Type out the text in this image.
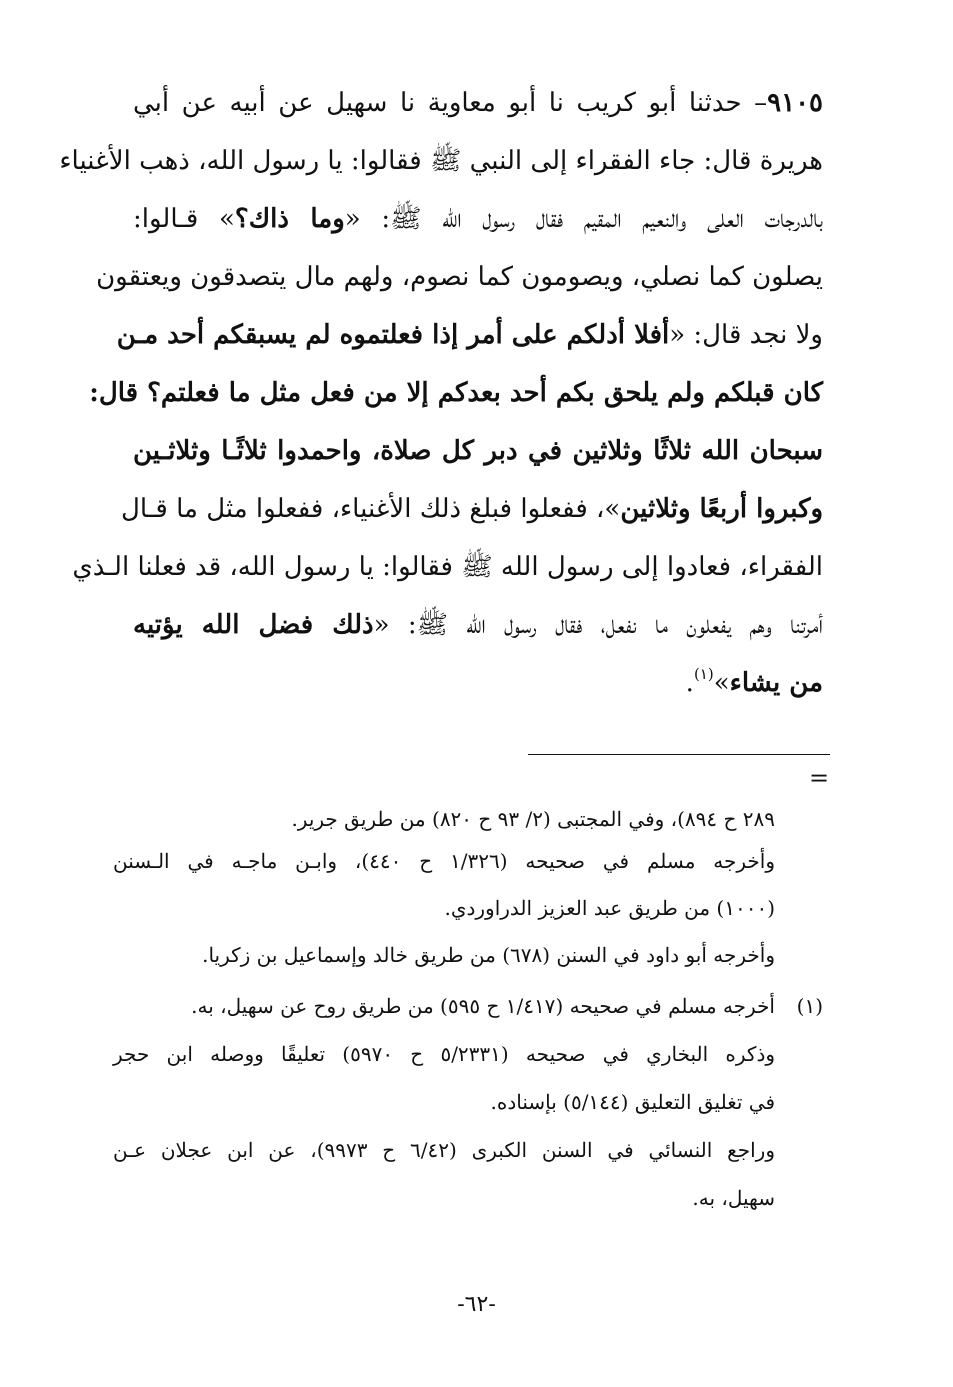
٩١٠٥– حدثنا أبو كريب نا أبو معاوية نا سهيل عن أبيه عن أبي
هريرة قال: جاء الفقراء إلى النبي ﷺ فقالوا: يا رسول الله، ذهب الأغنياء
بالدرجات العلى والنعيم المقيم فقال رسول الله ﷺ: «وما ذاك؟» قـالوا:
يصلون كما نصلي، ويصومون كما نصوم، ولهم مال يتصدقون ويعتقون
ولا نجد قال: «أفلا أدلكم على أمر إذا فعلتموه لم يسبقكم أحد مـن
كان قبلكم ولم يلحق بكم أحد بعدكم إلا من فعل مثل ما فعلتم؟ قال:
سبحان الله ثلاثًا وثلاثين في دبر كل صلاة، واحمدوا ثلاثًـا وثلاثـين
وكبروا أربعًا وثلاثين»، ففعلوا فبلغ ذلك الأغنياء، ففعلوا مثل ما قـال
الفقراء، فعادوا إلى رسول الله ﷺ فقالوا: يا رسول الله، قد فعلنا الـذي
أمرتنا وهم يفعلون ما نفعل، فقال رسول الله ﷺ: «ذلك فضل الله يؤتيه
من يشاء»$^{(١)}$.
=
٢٨٩ ح ٨٩٤)، وفي المجتبى (٢/ ٩٣ ح ٨٢٠) من طريق جرير.
وأخرجه مسلم في صحيحه (١/٣٢٦ ح ٤٤٠)، وابـن ماجـه في الـسنن
(١٠٠٠) من طريق عبد العزيز الدراوردي.
وأخرجه أبو داود في السنن (٦٧٨) من طريق خالد وإسماعيل بن زكريا.
(١)
أخرجه مسلم في صحيحه (١/٤١٧ ح ٥٩٥) من طريق روح عن سهيل، به.
وذكره البخاري في صحيحه (٥/٢٣٣١ ح ٥٩٧٠) تعليقًا ووصله ابن حجر
في تغليق التعليق (٥/١٤٤) بإسناده.
وراجع النسائي في السنن الكبرى (٦/٤٢ ح ٩٩٧٣)، عن ابن عجلان عـن
سهيل، به.
-٦٢-
